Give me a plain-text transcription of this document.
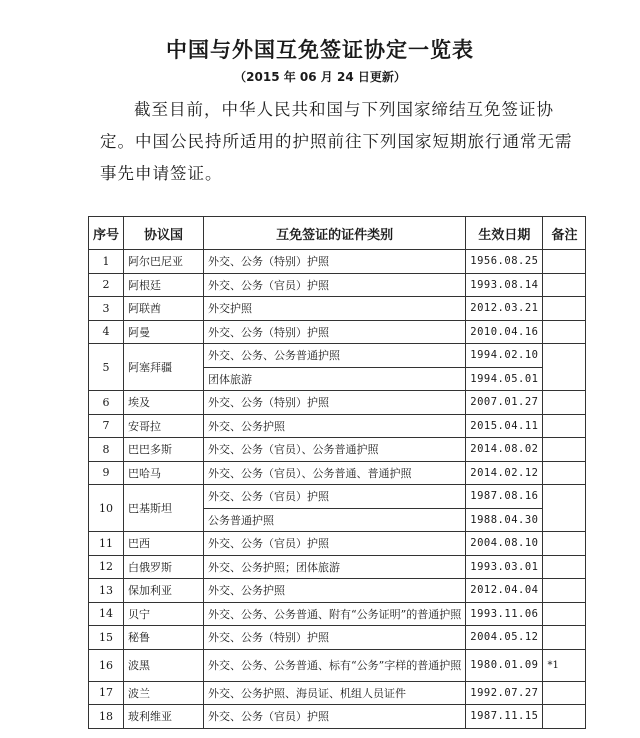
中国与外国互免签证协定一览表
（2015 年 06 月 24 日更新）
截至目前，中华人民共和国与下列国家缔结互免签证协定。中国公民持所适用的护照前往下列国家短期旅行通常无需事先申请签证。
序号	协议国	互免签证的证件类别	生效日期	备注
1	阿尔巴尼亚	外交、公务（特别）护照	1956.08.25	
2	阿根廷	外交、公务（官员）护照	1993.08.14	
3	阿联酋	外交护照	2012.03.21	
4	阿曼	外交、公务（特别）护照	2010.04.16	
5	阿塞拜疆	外交、公务、公务普通护照	1994.02.10	
		团体旅游	1994.05.01	
6	埃及	外交、公务（特别）护照	2007.01.27	
7	安哥拉	外交、公务护照	2015.04.11	
8	巴巴多斯	外交、公务（官员）、公务普通护照	2014.08.02	
9	巴哈马	外交、公务（官员）、公务普通、普通护照	2014.02.12	
10	巴基斯坦	外交、公务（官员）护照	1987.08.16	
		公务普通护照	1988.04.30	
11	巴西	外交、公务（官员）护照	2004.08.10	
12	白俄罗斯	外交、公务护照；团体旅游	1993.03.01	
13	保加利亚	外交、公务护照	2012.04.04	
14	贝宁	外交、公务、公务普通、附有“公务证明”的普通护照	1993.11.06	
15	秘鲁	外交、公务（特别）护照	2004.05.12	
16	波黑	外交、公务、公务普通、标有“公务”字样的普通护照	1980.01.09	*1
17	波兰	外交、公务护照、海员证、机组人员证件	1992.07.27	
18	玻利维亚	外交、公务（官员）护照	1987.11.15	
